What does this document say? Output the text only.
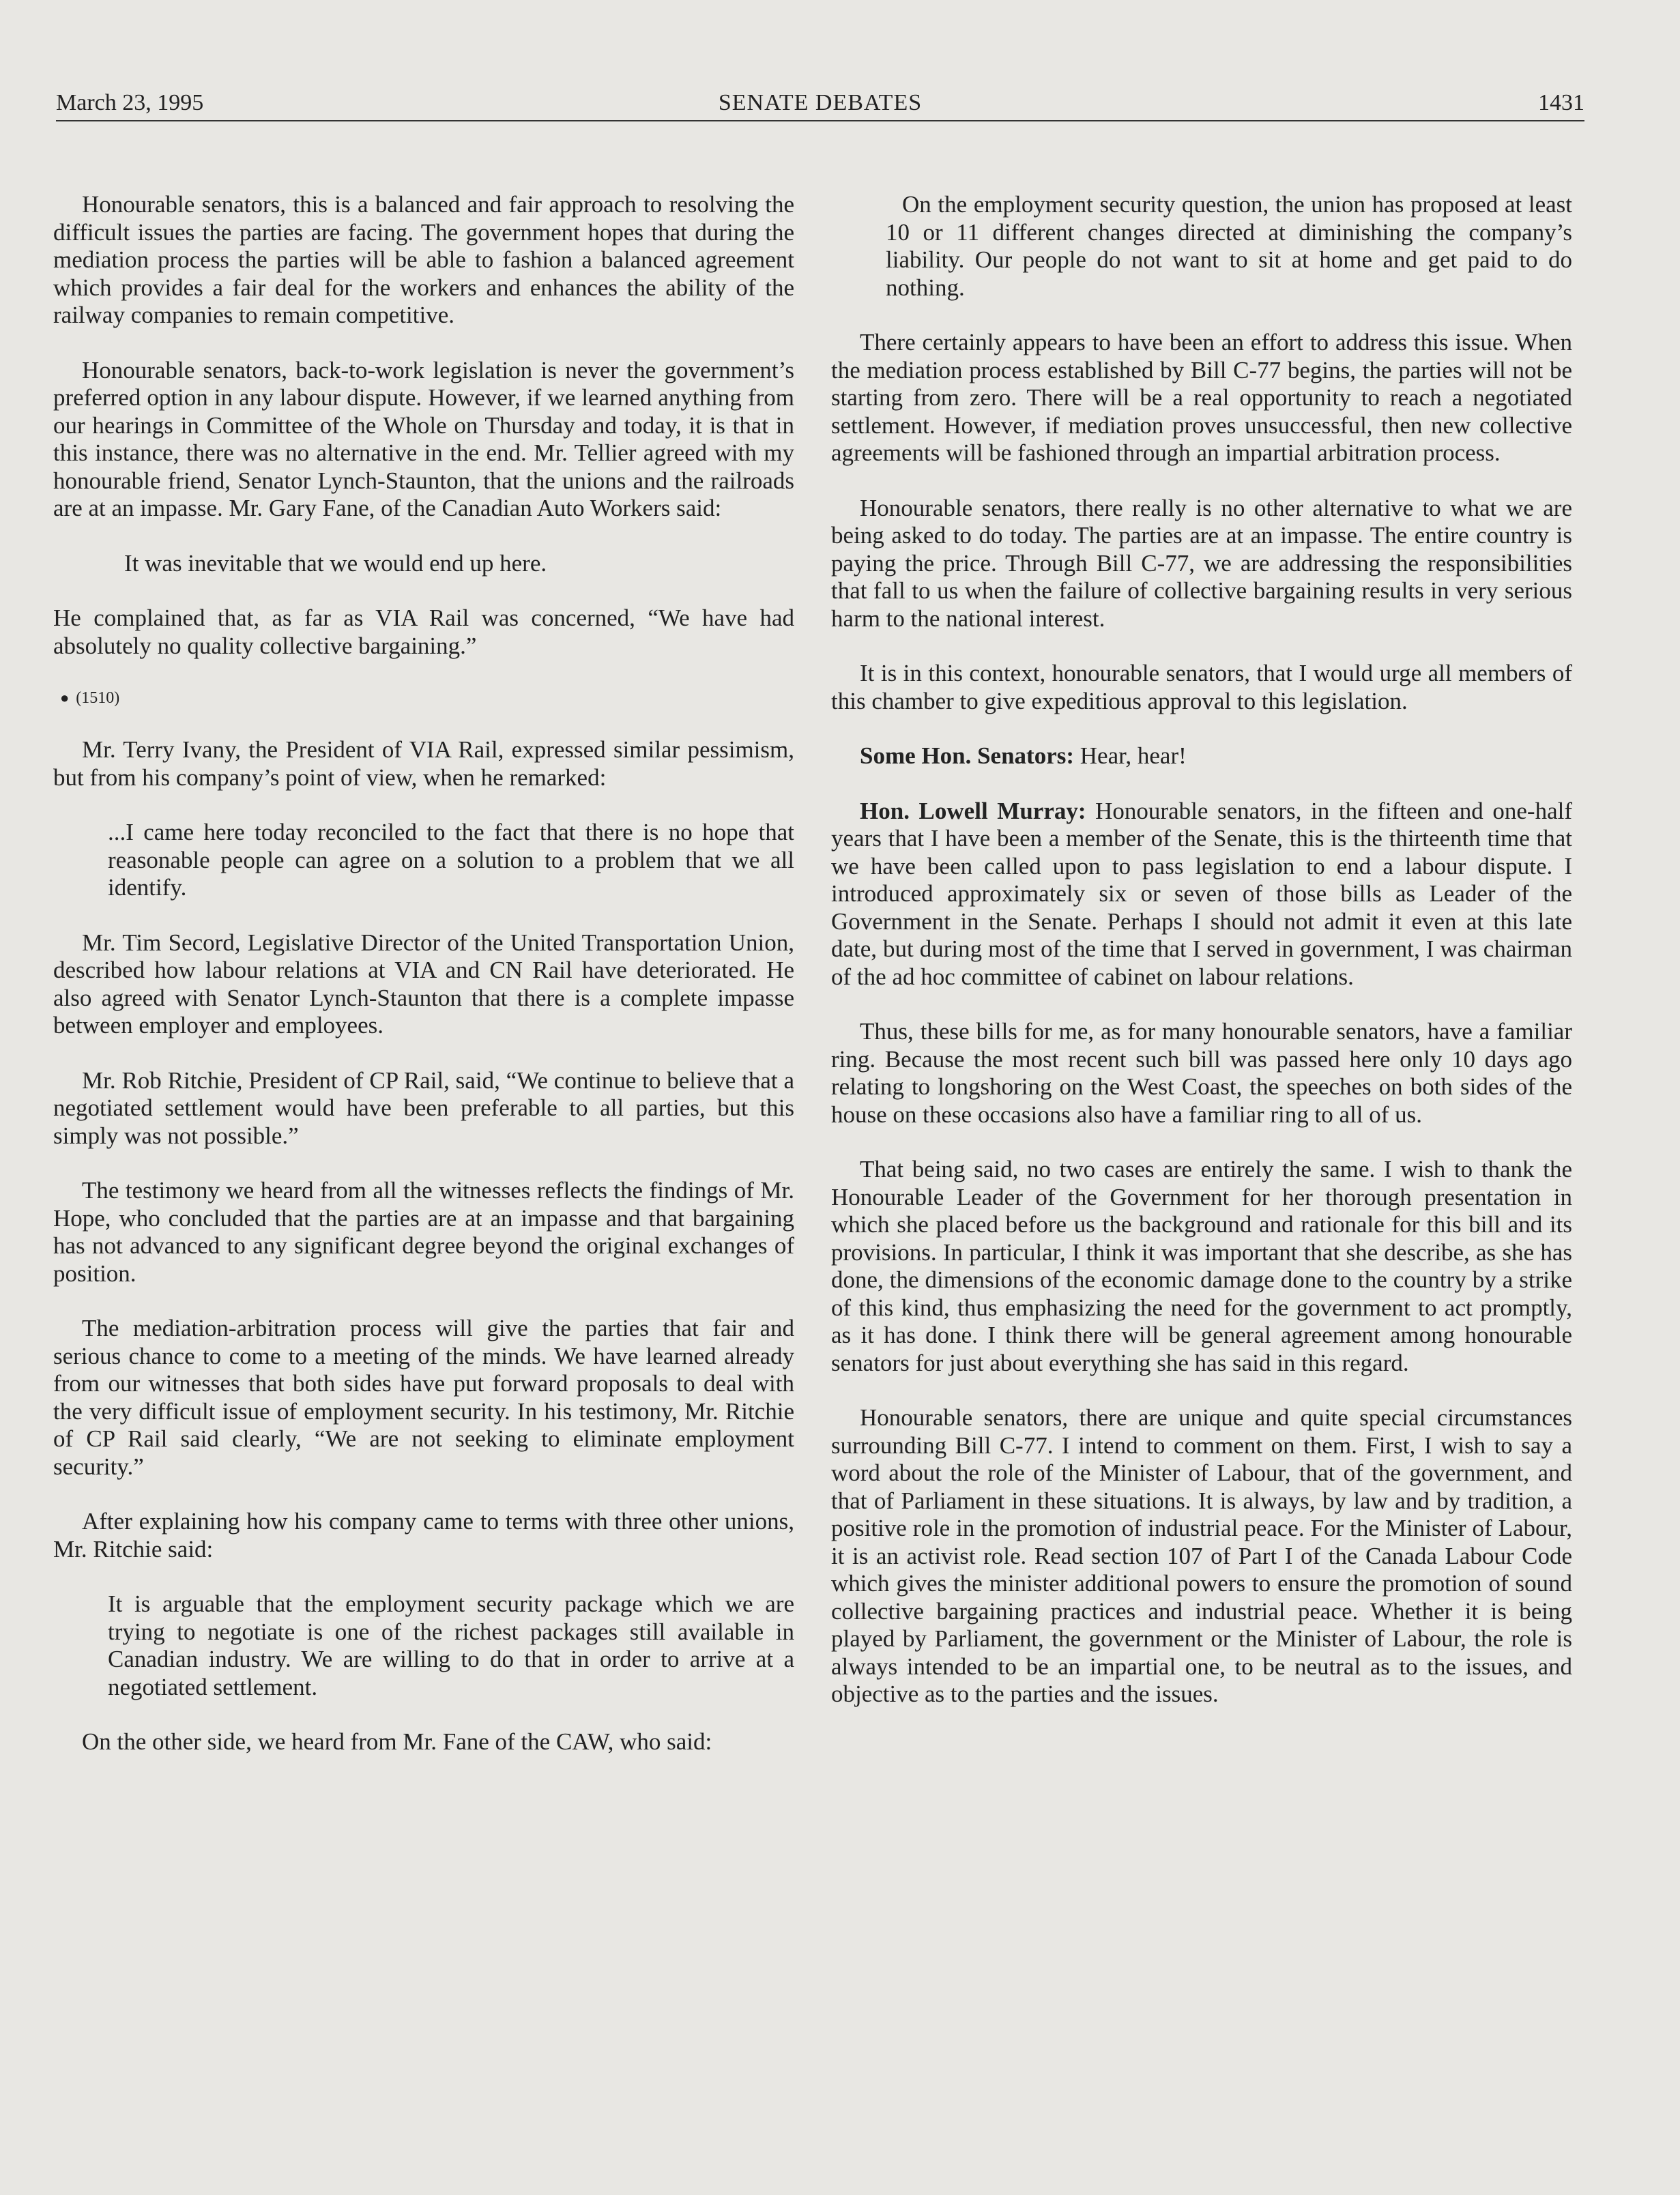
March 23, 1995	SENATE DEBATES	1431

Honourable senators, this is a balanced and fair approach to resolving the difficult issues the parties are facing. The government hopes that during the mediation process the parties will be able to fashion a balanced agreement which provides a fair deal for the workers and enhances the ability of the railway companies to remain competitive.

Honourable senators, back-to-work legislation is never the government’s preferred option in any labour dispute. However, if we learned anything from our hearings in Committee of the Whole on Thursday and today, it is that in this instance, there was no alternative in the end. Mr. Tellier agreed with my honourable friend, Senator Lynch-Staunton, that the unions and the railroads are at an impasse. Mr. Gary Fane, of the Canadian Auto Workers said:

It was inevitable that we would end up here.

He complained that, as far as VIA Rail was concerned, “We have had absolutely no quality collective bargaining.”

● (1510)

Mr. Terry Ivany, the President of VIA Rail, expressed similar pessimism, but from his company’s point of view, when he remarked:

...I came here today reconciled to the fact that there is no hope that reasonable people can agree on a solution to a problem that we all identify.

Mr. Tim Secord, Legislative Director of the United Transportation Union, described how labour relations at VIA and CN Rail have deteriorated. He also agreed with Senator Lynch-Staunton that there is a complete impasse between employer and employees.

Mr. Rob Ritchie, President of CP Rail, said, “We continue to believe that a negotiated settlement would have been preferable to all parties, but this simply was not possible.”

The testimony we heard from all the witnesses reflects the findings of Mr. Hope, who concluded that the parties are at an impasse and that bargaining has not advanced to any significant degree beyond the original exchanges of position.

The mediation-arbitration process will give the parties that fair and serious chance to come to a meeting of the minds. We have learned already from our witnesses that both sides have put forward proposals to deal with the very difficult issue of employment security. In his testimony, Mr. Ritchie of CP Rail said clearly, “We are not seeking to eliminate employment security.”

After explaining how his company came to terms with three other unions, Mr. Ritchie said:

It is arguable that the employment security package which we are trying to negotiate is one of the richest packages still available in Canadian industry. We are willing to do that in order to arrive at a negotiated settlement.

On the other side, we heard from Mr. Fane of the CAW, who said:

On the employment security question, the union has proposed at least 10 or 11 different changes directed at diminishing the company’s liability. Our people do not want to sit at home and get paid to do nothing.

There certainly appears to have been an effort to address this issue. When the mediation process established by Bill C-77 begins, the parties will not be starting from zero. There will be a real opportunity to reach a negotiated settlement. However, if mediation proves unsuccessful, then new collective agreements will be fashioned through an impartial arbitration process.

Honourable senators, there really is no other alternative to what we are being asked to do today. The parties are at an impasse. The entire country is paying the price. Through Bill C-77, we are addressing the responsibilities that fall to us when the failure of collective bargaining results in very serious harm to the national interest.

It is in this context, honourable senators, that I would urge all members of this chamber to give expeditious approval to this legislation.

Some Hon. Senators: Hear, hear!

Hon. Lowell Murray: Honourable senators, in the fifteen and one-half years that I have been a member of the Senate, this is the thirteenth time that we have been called upon to pass legislation to end a labour dispute. I introduced approximately six or seven of those bills as Leader of the Government in the Senate. Perhaps I should not admit it even at this late date, but during most of the time that I served in government, I was chairman of the ad hoc committee of cabinet on labour relations.

Thus, these bills for me, as for many honourable senators, have a familiar ring. Because the most recent such bill was passed here only 10 days ago relating to longshoring on the West Coast, the speeches on both sides of the house on these occasions also have a familiar ring to all of us.

That being said, no two cases are entirely the same. I wish to thank the Honourable Leader of the Government for her thorough presentation in which she placed before us the background and rationale for this bill and its provisions. In particular, I think it was important that she describe, as she has done, the dimensions of the economic damage done to the country by a strike of this kind, thus emphasizing the need for the government to act promptly, as it has done. I think there will be general agreement among honourable senators for just about everything she has said in this regard.

Honourable senators, there are unique and quite special circumstances surrounding Bill C-77. I intend to comment on them. First, I wish to say a word about the role of the Minister of Labour, that of the government, and that of Parliament in these situations. It is always, by law and by tradition, a positive role in the promotion of industrial peace. For the Minister of Labour, it is an activist role. Read section 107 of Part I of the Canada Labour Code which gives the minister additional powers to ensure the promotion of sound collective bargaining practices and industrial peace. Whether it is being played by Parliament, the government or the Minister of Labour, the role is always intended to be an impartial one, to be neutral as to the issues, and objective as to the parties and the issues.
